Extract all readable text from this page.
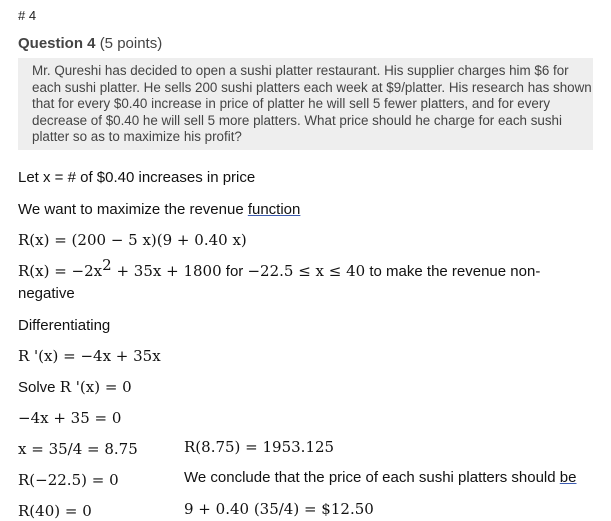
# 4
Question 4 (5 points)
Mr. Qureshi has decided to open a sushi platter restaurant. His supplier charges him $6 for each sushi platter. He sells 200 sushi platters each week at $9/platter. His research has shown that for every $0.40 increase in price of platter he will sell 5 fewer platters, and for every decrease of $0.40 he will sell 5 more platters. What price should he charge for each sushi platter so as to maximize his profit?
Let x = # of $0.40 increases in price
We want to maximize the revenue function
R(x) = (200 − 5 x)(9 + 0.40 x)
$R(x) = -2x^2 + 35x + 1800$ for −22.5 ≤ x ≤ 40 to make the revenue non-
negative
Differentiating
R '(x) = −4x + 35x
Solve R '(x) = 0
−4x + 35 = 0
x = 35/4 = 8.75	R(8.75) = 1953.125
R(−22.5) = 0	We conclude that the price of each sushi platters should be
R(40) = 0	9 + 0.40 (35/4) = $12.50
